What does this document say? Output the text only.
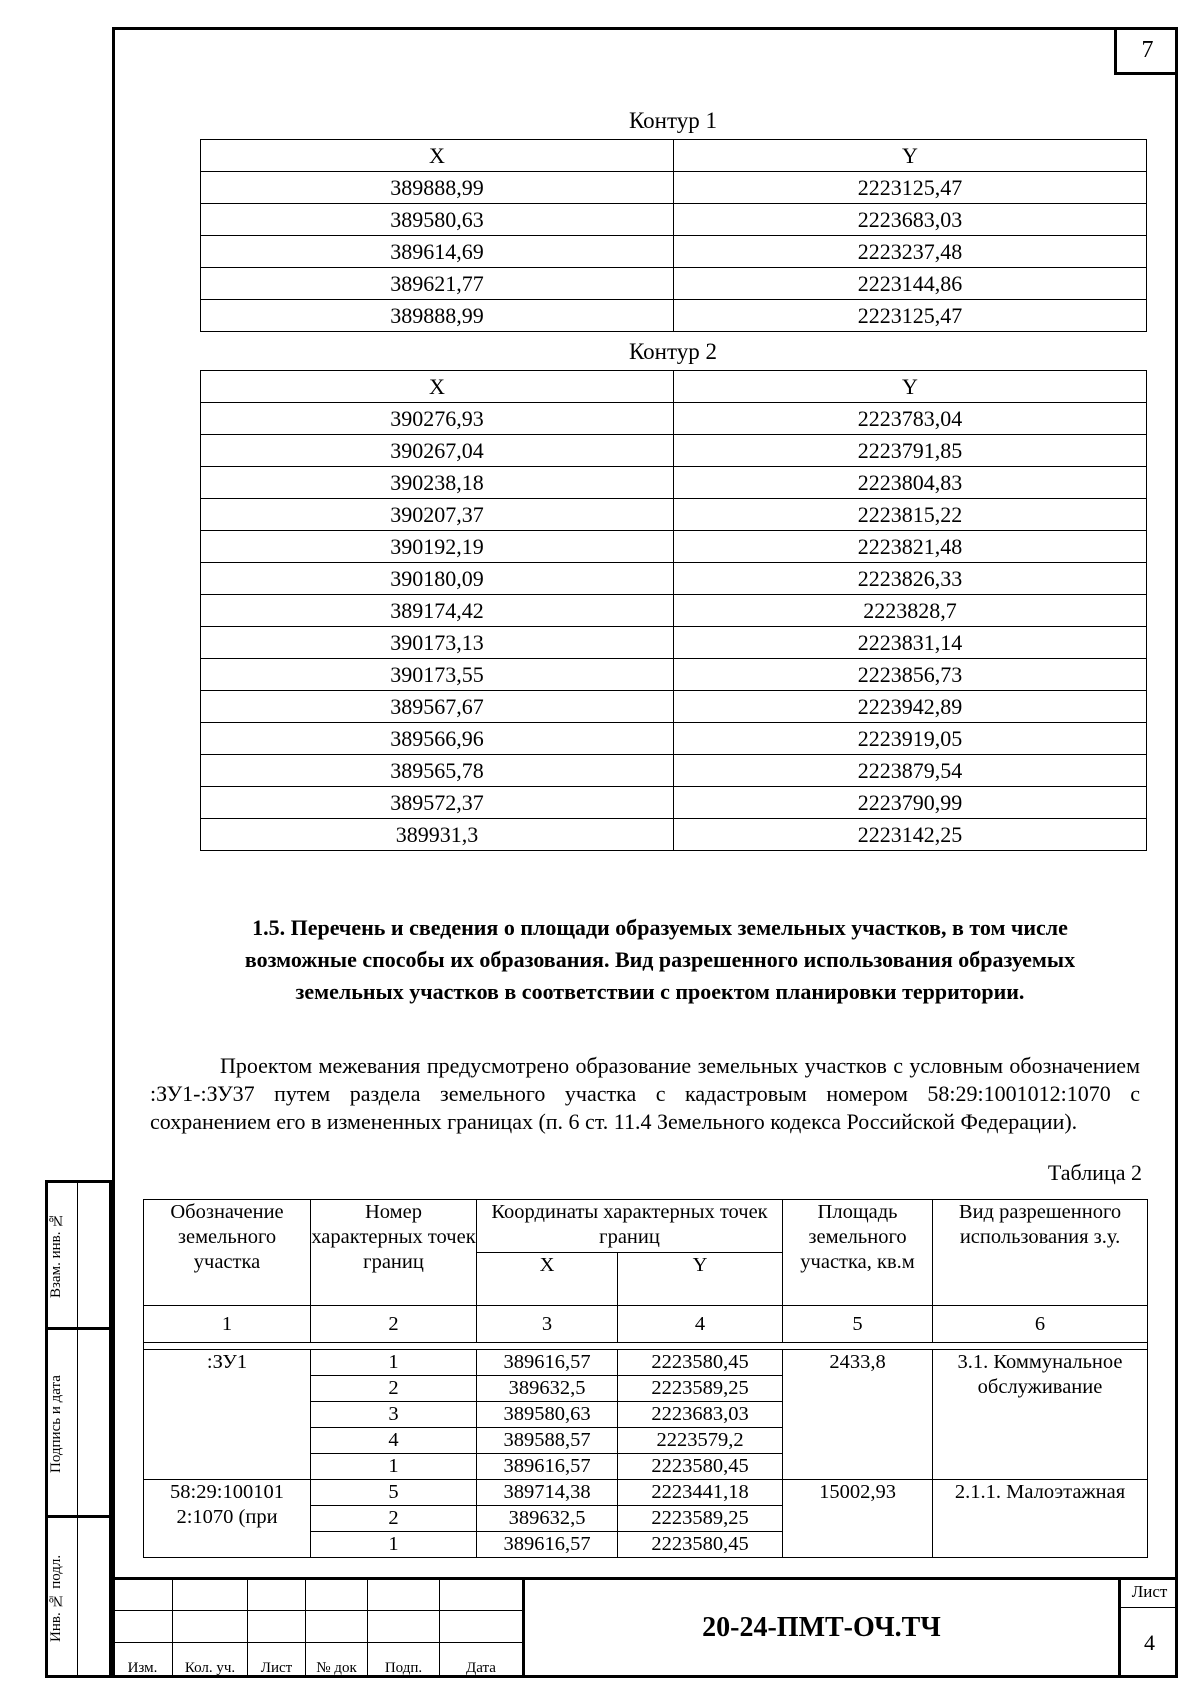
7
Контур 1
X	Y
389888,99	2223125,47
389580,63	2223683,03
389614,69	2223237,48
389621,77	2223144,86
389888,99	2223125,47
Контур 2
X	Y
390276,93	2223783,04
390267,04	2223791,85
390238,18	2223804,83
390207,37	2223815,22
390192,19	2223821,48
390180,09	2223826,33
389174,42	2223828,7
390173,13	2223831,14
390173,55	2223856,73
389567,67	2223942,89
389566,96	2223919,05
389565,78	2223879,54
389572,37	2223790,99
389931,3	2223142,25
1.5. Перечень и сведения о площади образуемых земельных участков, в том числе
возможные способы их образования. Вид разрешенного использования образуемых
земельных участков в соответствии с проектом планировки территории.
Проектом межевания предусмотрено образование земельных участков с условным обозначением :ЗУ1-:ЗУ37 путем раздела земельного участка с кадастровым номером 58:29:1001012:1070 с сохранением его в измененных границах (п. 6 ст. 11.4 Земельного кодекса Российской Федерации).
Таблица 2
Обозначение земельного участка	Номер характерных точек границ	Координаты характерных точек границ		Площадь земельного участка, кв.м	Вид разрешенного использования з.у.
		X	Y		
1	2	3	4	5	6

:ЗУ1	1	389616,57	2223580,45	2433,8	3.1. Коммунальное обслуживание
	2	389632,5	2223589,25		
	3	389580,63	2223683,03		
	4	389588,57	2223579,2		
	1	389616,57	2223580,45		
58:29:100101 2:1070 (при	5	389714,38	2223441,18	15002,93	2.1.1. Малоэтажная
	2	389632,5	2223589,25		
	1	389616,57	2223580,45		
Взам. инв. №
Подпись и дата
Инв. № подл.

Изм.	Кол. уч.	Лист	№ док	Подп.	Дата
20-24-ПМТ-ОЧ.ТЧ
Лист
4
